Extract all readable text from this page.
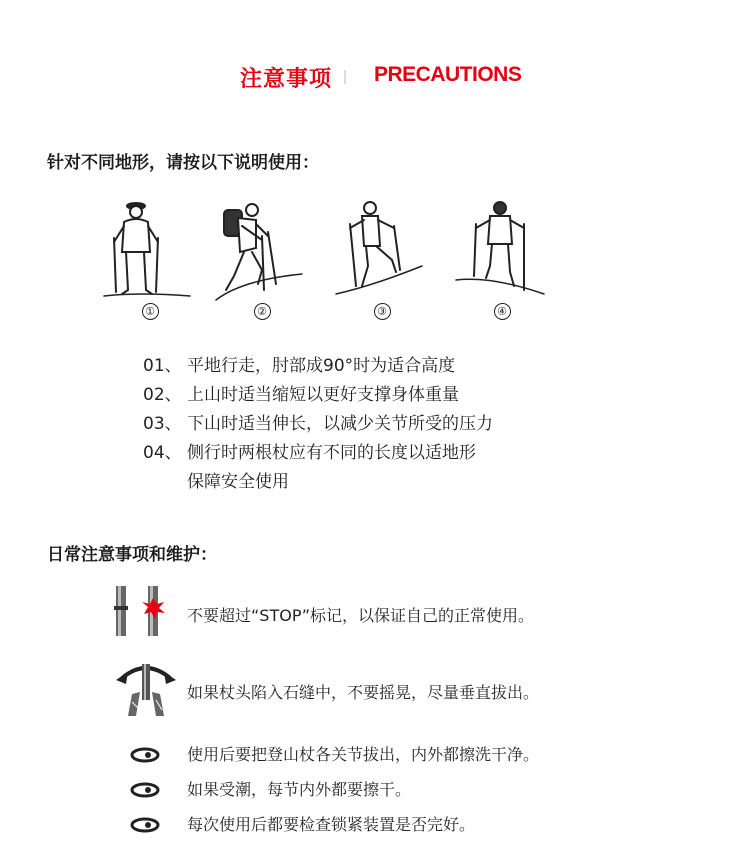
注意事项 PRECAUTIONS
针对不同地形，请按以下说明使用：
①	②	③	④
01、 平地行走，肘部成90°时为适合高度
02、 上山时适当缩短以更好支撑身体重量
03、 下山时适当伸长，以减少关节所受的压力
04、 侧行时两根杖应有不同的长度以适地形
保障安全使用
日常注意事项和维护：
不要超过“STOP”标记，以保证自己的正常使用。
如果杖头陷入石缝中，不要摇晃，尽量垂直拔出。
使用后要把登山杖各关节拔出，内外都擦洗干净。
如果受潮，每节内外都要擦干。
每次使用后都要检查锁紧装置是否完好。
